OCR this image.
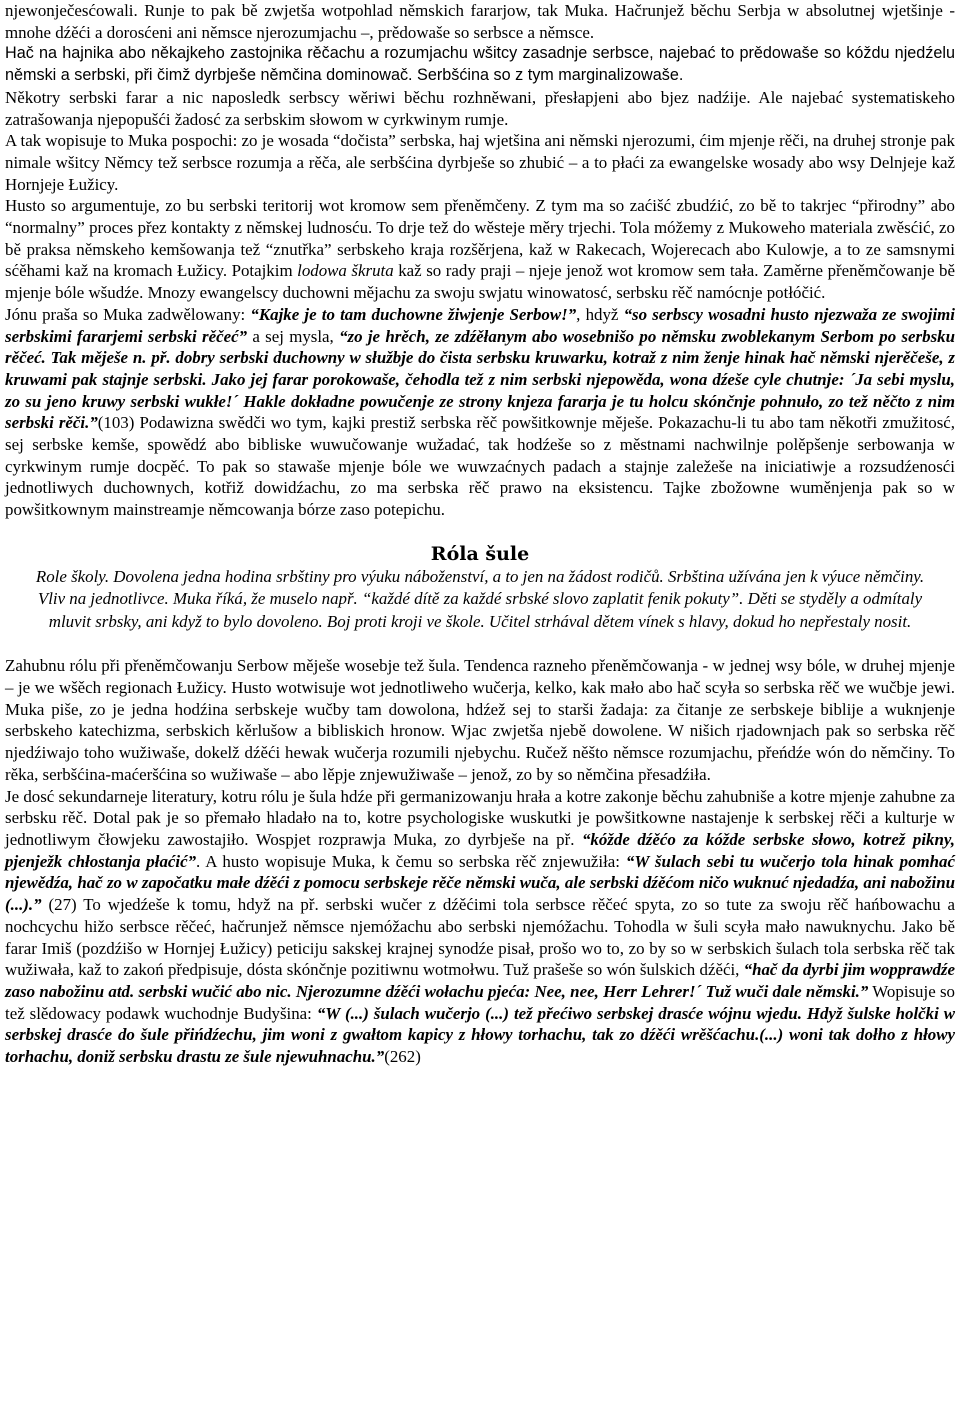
njewonječesćowali. Runje to pak bě zwjetša wotpohlad němskich fararjow, tak Muka. Hačrunjež běchu Serbja w absolutnej wjetšinje - mnohe dźěći a dorosćeni ani němsce njerozumjachu –, prědowaše so serbsce a němsce.

Hač na hajnika abo někajkeho zastojnika rěčachu a rozumjachu wšitcy zasadnje serbsce, najebać to prědowaše so kóždu njedźelu němski a serbski, při čimž dyrbješe němčina dominowač. Serbšćina so z tym marginalizowaše.

Někotry serbski farar a nic naposledk serbscy wěriwi běchu rozhněwani, přesłapjeni abo bjez nadźije. Ale najebać systematiskeho zatrašowanja njepopušći žadosć za serbskim słowom w cyrkwinym rumje.

A tak wopisuje to Muka pospochi: zo je wosada “dočista” serbska, haj wjetšina ani němski njerozumi, ćim mjenje rěči, na druhej stronje pak nimale wšitcy Němcy tež serbsce rozumja a rěča, ale serbšćina dyrbješe so zhubić – a to płaći za ewangelske wosady abo wsy Delnjeje kaž Hornjeje Łužicy.

Husto so argumentuje, zo bu serbski teritorij wot kromow sem přeněmčeny. Z tym ma so zaćišć zbudźić, zo bě to takrjec “přirodny” abo “normalny” proces přez kontakty z němskej ludnosću. To drje tež do wěsteje měry trjechi. Tola móžemy z Mukoweho materiala zwěsćić, zo bě praksa němskeho kemšowanja tež “znutřka” serbskeho kraja rozšěrjena, kaž w Rakecach, Wojerecach abo Kulowje, a to ze samsnymi sćěhami kaž na kromach Łužicy. Potajkim lodowa škruta kaž so rady praji – njeje jenož wot kromow sem tała. Zaměrne přeněmčowanje bě mjenje bóle wšudźe. Mnozy ewangelscy duchowni mějachu za swoju swjatu winowatosć, serbsku rěč namócnje potłóčić.

Jónu praša so Muka zadwělowany: “Kajke je to tam duchowne žiwjenje Serbow!”, hdyž “so serbscy wosadni husto njezwaža ze swojimi serbskimi fararjemi serbski rěčeć” a sej mysla, “zo je hrěch, ze zdźěłanym abo wosebnišo po němsku zwoblekanym Serbom po serbsku rěčeć. Tak měješe n. př. dobry serbski duchowny w słužbje do čista serbsku kruwarku, kotraž z nim ženje hinak hač němski njerěčeše, z kruwami pak stajnje serbski. Jako jej farar porokowaše, čehodla tež z nim serbski njepowěda, wona dźeše cyle chutnje: ´Ja sebi myslu, zo su jeno kruwy serbski wukłe!´ Hakle dokładne powučenje ze strony knjeza fararja je tu holcu skónčnje pohnuło, zo tež něčto z nim serbski rěči.”(103) Podawizna swědči wo tym, kajki prestiž serbska rěč powšitkownje měješe. Pokazachu-li tu abo tam někotři zmužitosć, sej serbske kemše, spowědź abo bibliske wuwučowanje wužadać, tak hodźeše so z městnami nachwilnje polěpšenje serbowanja w cyrkwinym rumje docpěć. To pak so stawaše mjenje bóle we wuwzaćnych padach a stajnje zaležeše na iniciatiwje a rozsudźenosći jednotliwych duchownych, kotřiž dowidźachu, zo ma serbska rěč prawo na eksistencu. Tajke zbožowne wuměnjenja pak so w powšitkownym mainstreamje němcowanja bórze zaso potepichu.

Róla šule
Role školy. Dovolena jedna hodina srbštiny pro výuku náboženství, a to jen na žádost rodičů. Srbština užívána jen k výuce němčiny. Vliv na jednotlivce. Muka říká, že muselo např. “každé dítě za každé srbské slovo zaplatit fenik pokuty”. Děti se styděly a odmítaly mluvit srbsky, ani když to bylo dovoleno. Boj proti kroji ve škole. Učitel strhával dětem vínek s hlavy, dokud ho nepřestaly nosit.

Zahubnu rólu při přeněmčowanju Serbow měješe wosebje tež šula. Tendenca razneho přeněmčowanja - w jednej wsy bóle, w druhej mjenje – je we wšěch regionach Łužicy. Husto wotwisuje wot jednotliweho wučerja, kelko, kak mało abo hač scyła so serbska rěč we wučbje jewi. Muka piše, zo je jedna hodźina serbskeje wučby tam dowolona, hdźež sej to starši žadaja: za čitanje ze serbskeje biblije a wuknjenje serbskeho katechizma, serbskich kěrlušow a bibliskich hronow. Wjac zwjetša njebě dowolene. W nišich rjadownjach pak so serbska rěč njedźiwajo toho wužiwaše, dokelž dźěći hewak wučerja rozumili njebychu. Ručež něšto němsce rozumjachu, přeńdźe wón do němčiny. To rěka, serbšćina-maćeršćina so wužiwaše – abo lěpje znjewužiwaše – jenož, zo by so němčina přesadźiła.

Je dosć sekundarneje literatury, kotru rólu je šula hdźe při germanizowanju hrała a kotre zakonje běchu zahubniše a kotre mjenje zahubne za serbsku rěč. Dotal pak je so přemało hladało na to, kotre psychologiske wuskutki je powšitkowne nastajenje k serbskej rěči a kulturje w jednotliwym čłowjeku zawostajiło. Wospjet rozprawja Muka, zo dyrbješe na př. “kóžde dźěćo za kóžde serbske słowo, kotrež pikny, pjenježk chłostanja płaćić”. A husto wopisuje Muka, k čemu so serbska rěč znjewužiła: “W šulach sebi tu wučerjo tola hinak pomhać njewědźa, hač zo w započatku małe dźěći z pomocu serbskeje rěče němski wuča, ale serbski dźěćom ničo wuknuć njedadźa, ani nabožinu (...).” (27) To wjedźeše k tomu, hdyž na př. serbski wučer z dźěćimi tola serbsce rěčeć spyta, zo so tute za swoju rěč hańbowachu a nochcychu hižo serbsce rěčeć, hačrunjež němsce njemóžachu abo serbski njemóžachu. Tohodla w šuli scyła mało nawuknychu. Jako bě farar Imiš (pozdźišo w Hornjej Łužicy) peticiju sakskej krajnej synodźe pisał, prošo wo to, zo by so w serbskich šulach tola serbska rěč tak wužiwała, kaž to zakoń předpisuje, dósta skónčnje pozitiwnu wotmołwu. Tuž prašeše so wón šulskich dźěći, “hač da dyrbi jim wopprawdźe zaso nabožinu atd. serbski wučić abo nic. Njerozumne dźěći wołachu pjeća: Nee, nee, Herr Lehrer!´ Tuž wuči dale němski.” Wopisuje so tež slědowacy podawk wuchodnje Budyšina: “W (...) šulach wučerjo (...) tež přećiwo serbskej drasće wójnu wjedu. Hdyž šulske holčki w serbskej drasće do šule přińdźechu, jim woni z gwałtom kapicy z hłowy torhachu, tak zo dźěći wrěšćachu.(...) woni tak dołho z hłowy torhachu, doniž serbsku drastu ze šule njewuhnachu.”(262)
